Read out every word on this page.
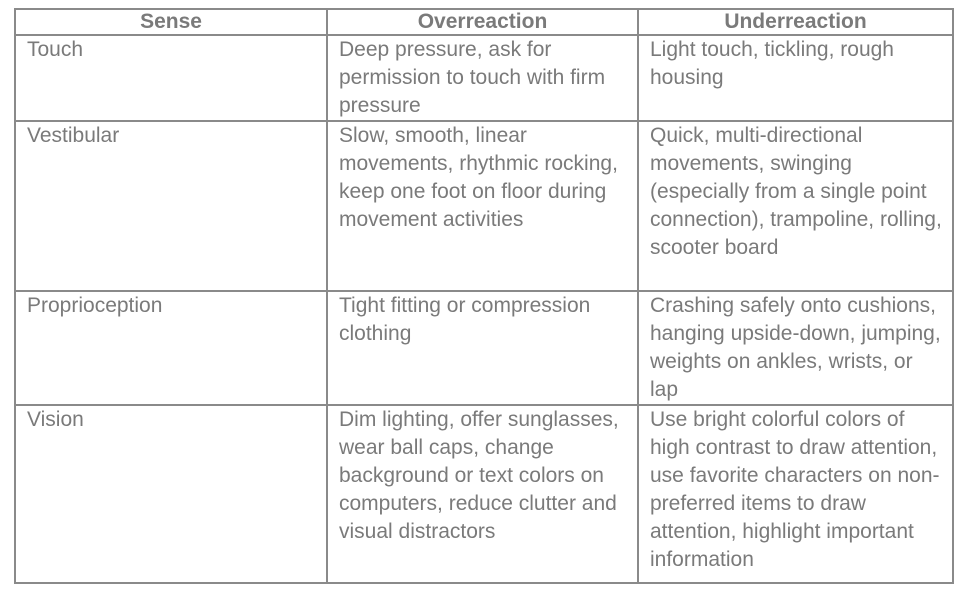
Sense	Overreaction	Underreaction

Touch	Deep pressure, ask for permission to touch with firm pressure	Light touch, tickling, rough housing

Vestibular	Slow, smooth, linear movements, rhythmic rocking, keep one foot on floor during movement activities	Quick, multi-directional movements, swinging (especially from a single point connection), trampoline, rolling, scooter board

Proprioception	Tight fitting or compression clothing	Crashing safely onto cushions, hanging upside-down, jumping, weights on ankles, wrists, or lap

Vision	Dim lighting, offer sunglasses, wear ball caps, change background or text colors on computers, reduce clutter and visual distractors	Use bright colorful colors of high contrast to draw attention, use favorite characters on non-preferred items to draw attention, highlight important information
